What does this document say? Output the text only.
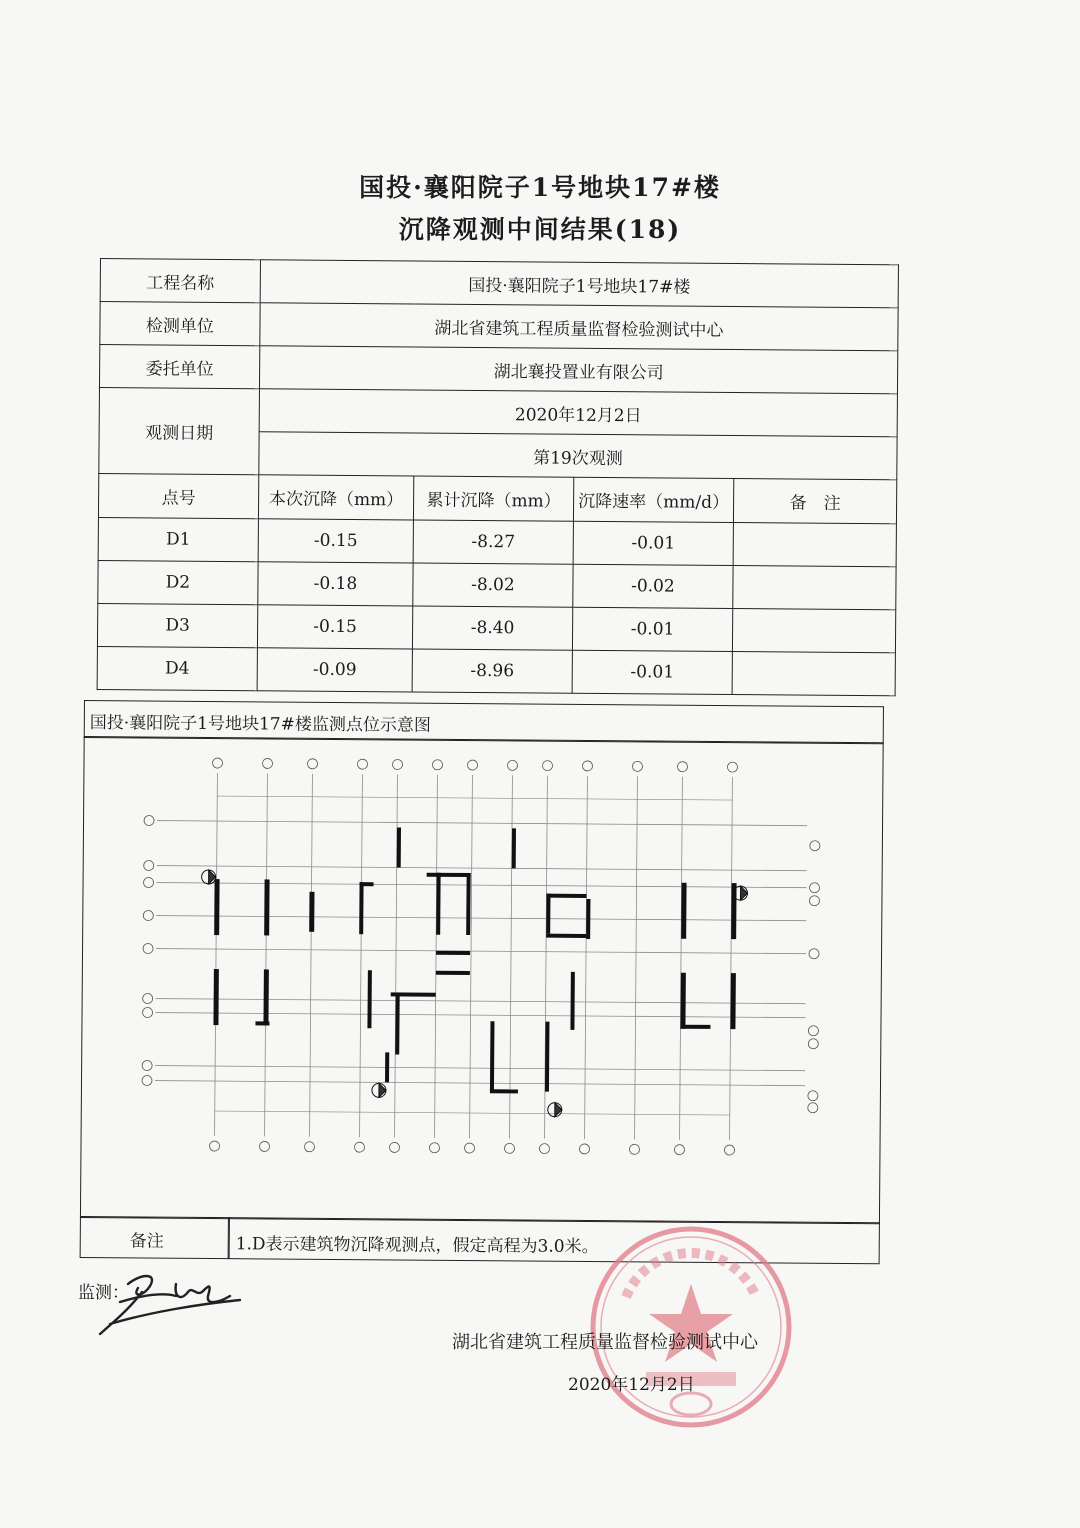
国投·襄阳院子1号地块17#楼
沉降观测中间结果(18)
工程名称	国投·襄阳院子1号地块17#楼			
检测单位	湖北省建筑工程质量监督检验测试中心			
委托单位	湖北襄投置业有限公司			
观测日期	2020年12月2日			
	第19次观测			
点号	本次沉降（mm）	累计沉降（mm）	沉降速率（mm/d）	备　注
D1	-0.15	-8.27	-0.01	
D2	-0.18	-8.02	-0.02	
D3	-0.15	-8.40	-0.01	
D4	-0.09	-8.96	-0.01	
国投·襄阳院子1号地块17#楼监测点位示意图
备注	1.D表示建筑物沉降观测点，假定高程为3.0米。
监测：
湖北省建筑工程质量监督检验测试中心
2020年12月2日
